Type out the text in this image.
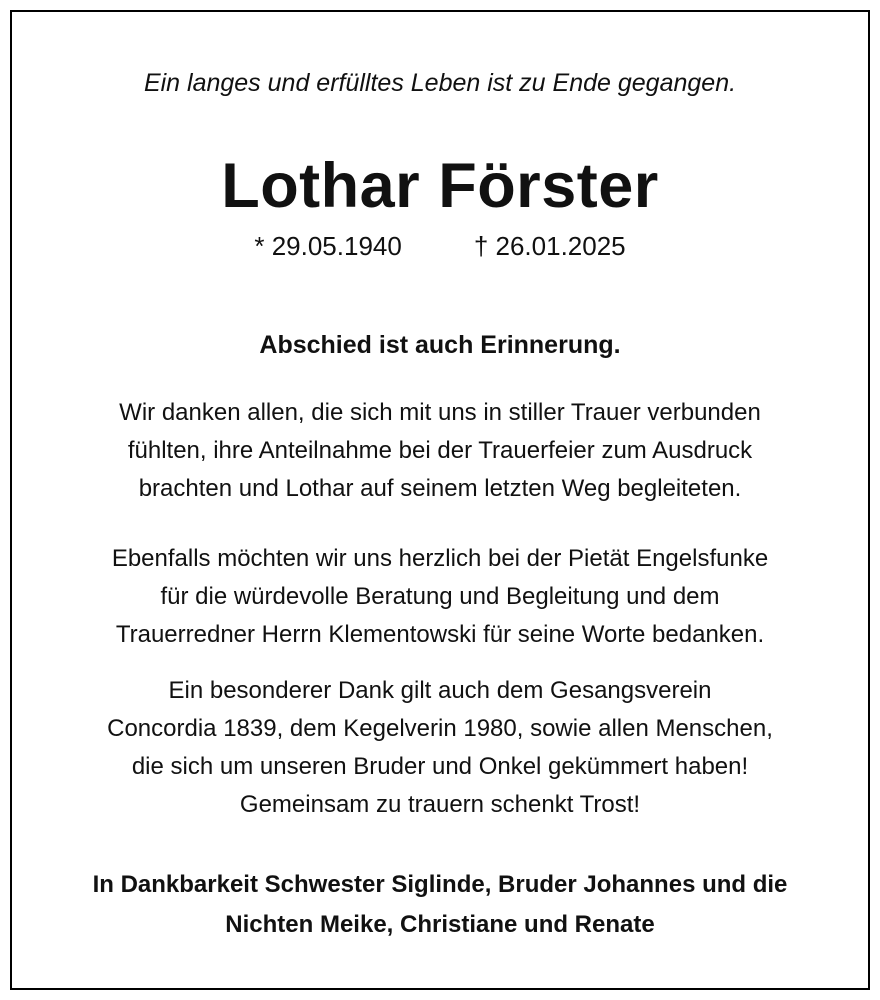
Ein langes und erfülltes Leben ist zu Ende gegangen.
Lothar Förster
* 29.05.1940	† 26.01.2025
Abschied ist auch Erinnerung.
Wir danken allen, die sich mit uns in stiller Trauer verbunden
fühlten, ihre Anteilnahme bei der Trauerfeier zum Ausdruck
brachten und Lothar auf seinem letzten Weg begleiteten.
Ebenfalls möchten wir uns herzlich bei der Pietät Engelsfunke
für die würdevolle Beratung und Begleitung und dem
Trauerredner Herrn Klementowski für seine Worte bedanken.
Ein besonderer Dank gilt auch dem Gesangsverein
Concordia 1839, dem Kegelverin 1980, sowie allen Menschen,
die sich um unseren Bruder und Onkel gekümmert haben!
Gemeinsam zu trauern schenkt Trost!
In Dankbarkeit Schwester Siglinde, Bruder Johannes und die
Nichten Meike, Christiane und Renate
